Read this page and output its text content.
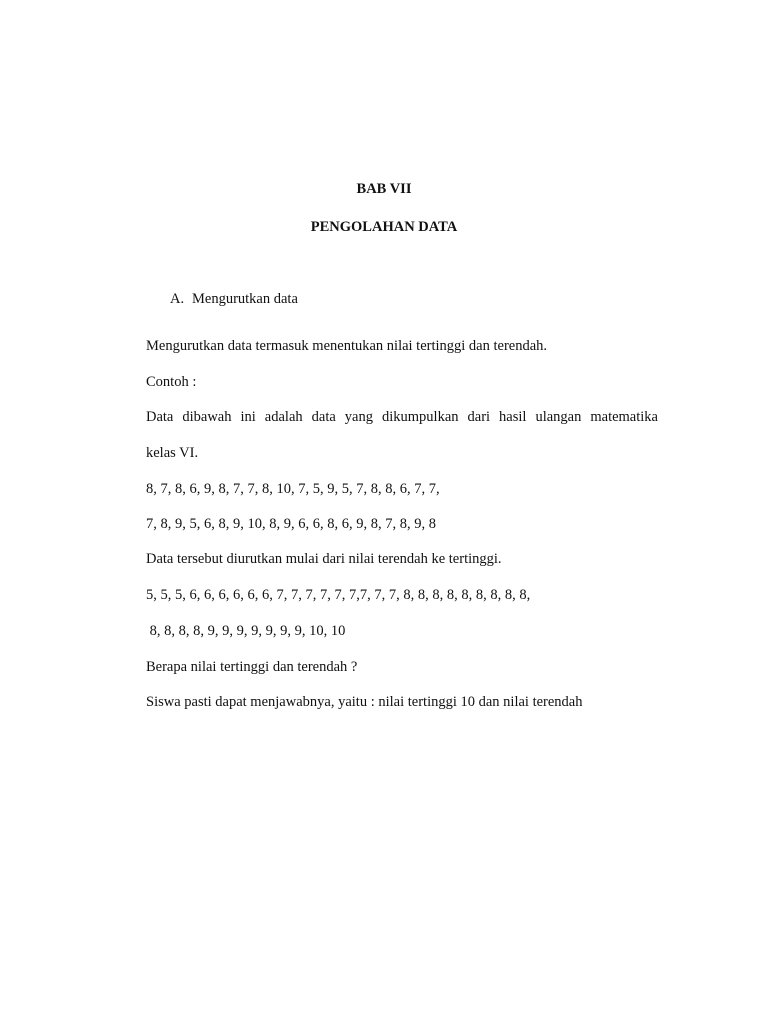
BAB VII
PENGOLAHAN DATA
A. Mengurutkan data
Mengurutkan data termasuk menentukan nilai tertinggi dan terendah.
Contoh :
Data dibawah ini adalah data yang dikumpulkan dari hasil ulangan matematika
kelas VI.
8, 7, 8, 6, 9, 8, 7, 7, 8, 10, 7, 5, 9, 5, 7, 8, 8, 6, 7, 7,
7, 8, 9, 5, 6, 8, 9, 10, 8, 9, 6, 6, 8, 6, 9, 8, 7, 8, 9, 8
Data tersebut diurutkan mulai dari nilai terendah ke tertinggi.
5, 5, 5, 6, 6, 6, 6, 6, 6, 7, 7, 7, 7, 7, 7,7, 7, 7, 8, 8, 8, 8, 8, 8, 8, 8, 8,
8, 8, 8, 8, 9, 9, 9, 9, 9, 9, 9, 10, 10
Berapa nilai tertinggi dan terendah ?
Siswa pasti dapat menjawabnya, yaitu : nilai tertinggi 10 dan nilai terendah
